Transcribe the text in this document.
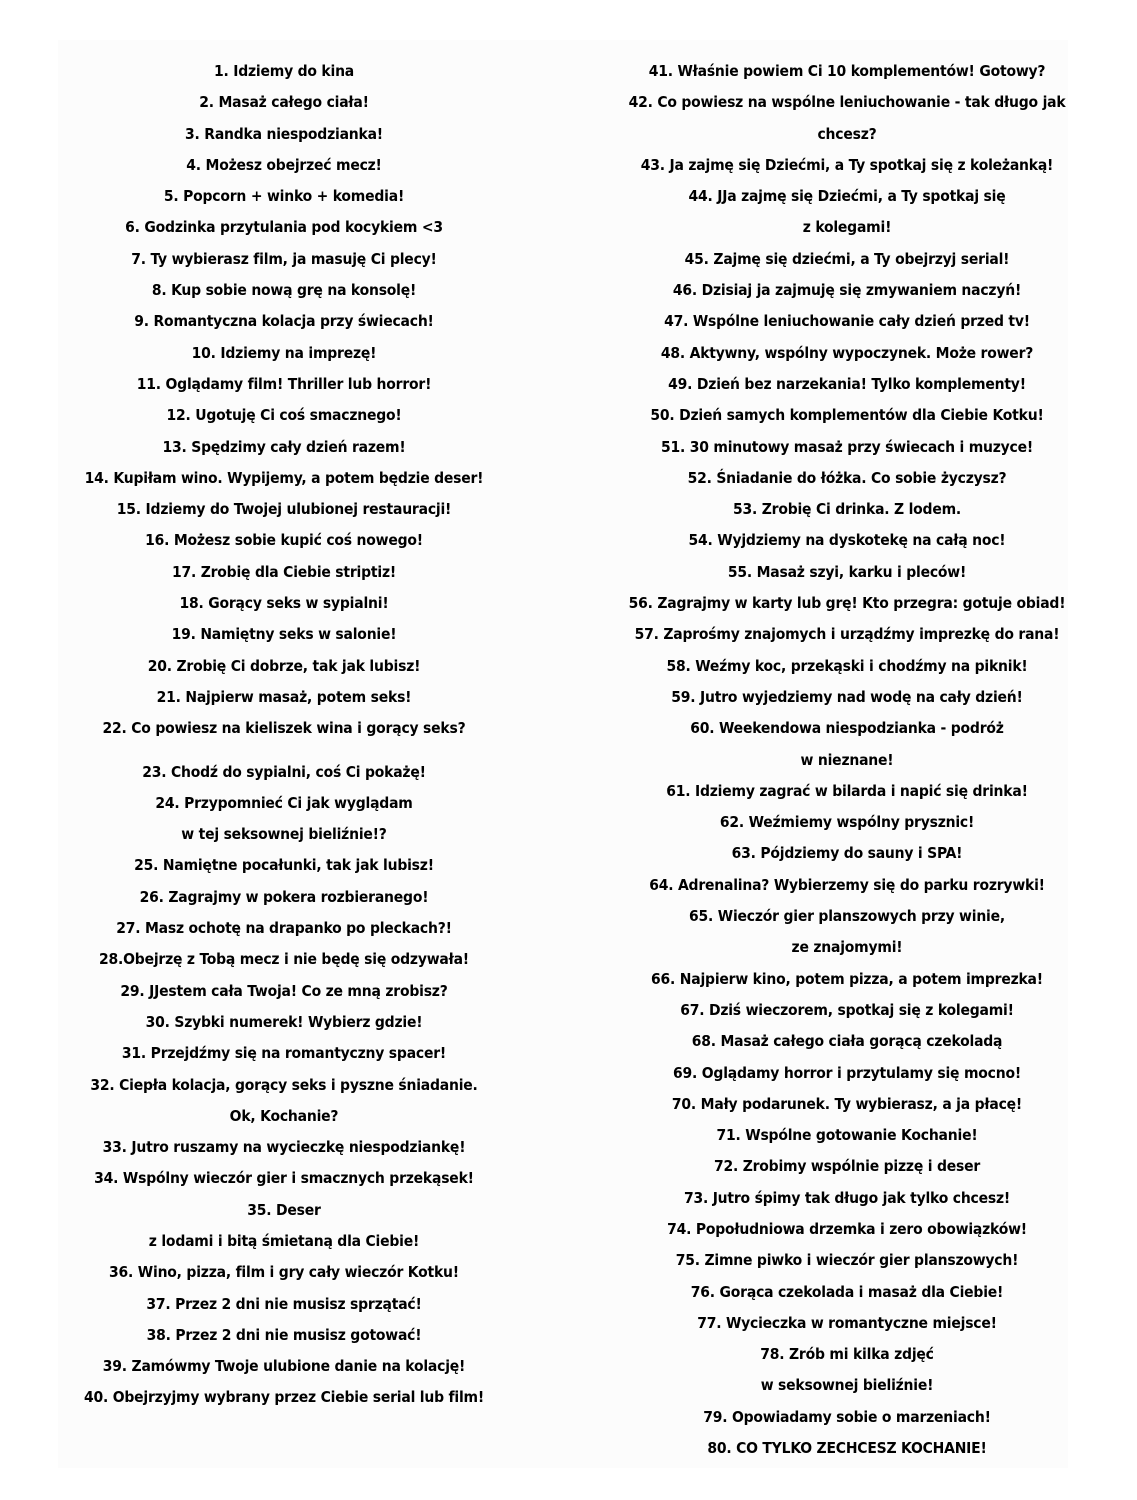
1. Idziemy do kina
2. Masaż całego ciała!
3. Randka niespodzianka!
4. Możesz obejrzeć mecz!
5. Popcorn + winko + komedia!
6. Godzinka przytulania pod kocykiem <3
7. Ty wybierasz film, ja masuję Ci plecy!
8. Kup sobie nową grę na konsolę!
9. Romantyczna kolacja przy świecach!
10. Idziemy na imprezę!
11. Oglądamy film! Thriller lub horror!
12. Ugotuję Ci coś smacznego!
13. Spędzimy cały dzień razem!
14. Kupiłam wino. Wypijemy, a potem będzie deser!
15. Idziemy do Twojej ulubionej restauracji!
16. Możesz sobie kupić coś nowego!
17. Zrobię dla Ciebie striptiz!
18. Gorący seks w sypialni!
19. Namiętny seks w salonie!
20. Zrobię Ci dobrze, tak jak lubisz!
21. Najpierw masaż, potem seks!
22. Co powiesz na kieliszek wina i gorący seks?
23. Chodź do sypialni, coś Ci pokażę!
24. Przypomnieć Ci jak wyglądam
w tej seksownej bieliźnie!?
25. Namiętne pocałunki, tak jak lubisz!
26. Zagrajmy w pokera rozbieranego!
27. Masz ochotę na drapanko po pleckach?!
28.Obejrzę z Tobą mecz i nie będę się odzywała!
29. JJestem cała Twoja! Co ze mną zrobisz?
30. Szybki numerek! Wybierz gdzie!
31. Przejdźmy się na romantyczny spacer!
32. Ciepła kolacja, gorący seks i pyszne śniadanie.
Ok, Kochanie?
33. Jutro ruszamy na wycieczkę niespodziankę!
34. Wspólny wieczór gier i smacznych przekąsek!
35. Deser
z lodami i bitą śmietaną dla Ciebie!
36. Wino, pizza, film i gry cały wieczór Kotku!
37. Przez 2 dni nie musisz sprzątać!
38. Przez 2 dni nie musisz gotować!
39. Zamówmy Twoje ulubione danie na kolację!
40. Obejrzyjmy wybrany przez Ciebie serial lub film!
41. Właśnie powiem Ci 10 komplementów! Gotowy?
42. Co powiesz na wspólne leniuchowanie - tak długo jak
chcesz?
43. Ja zajmę się Dziećmi, a Ty spotkaj się z koleżanką!
44. JJa zajmę się Dziećmi, a Ty spotkaj się
z kolegami!
45. Zajmę się dziećmi, a Ty obejrzyj serial!
46. Dzisiaj ja zajmuję się zmywaniem naczyń!
47. Wspólne leniuchowanie cały dzień przed tv!
48. Aktywny, wspólny wypoczynek. Może rower?
49. Dzień bez narzekania! Tylko komplementy!
50. Dzień samych komplementów dla Ciebie Kotku!
51. 30 minutowy masaż przy świecach i muzyce!
52. Śniadanie do łóżka. Co sobie życzysz?
53. Zrobię Ci drinka. Z lodem.
54. Wyjdziemy na dyskotekę na całą noc!
55. Masaż szyi, karku i pleców!
56. Zagrajmy w karty lub grę! Kto przegra: gotuje obiad!
57. Zaprośmy znajomych i urządźmy imprezkę do rana!
58. Weźmy koc, przekąski i chodźmy na piknik!
59. Jutro wyjedziemy nad wodę na cały dzień!
60. Weekendowa niespodzianka - podróż
w nieznane!
61. Idziemy zagrać w bilarda i napić się drinka!
62. Weźmiemy wspólny prysznic!
63. Pójdziemy do sauny i SPA!
64. Adrenalina? Wybierzemy się do parku rozrywki!
65. Wieczór gier planszowych przy winie,
ze znajomymi!
66. Najpierw kino, potem pizza, a potem imprezka!
67. Dziś wieczorem, spotkaj się z kolegami!
68. Masaż całego ciała gorącą czekoladą
69. Oglądamy horror i przytulamy się mocno!
70. Mały podarunek. Ty wybierasz, a ja płacę!
71. Wspólne gotowanie Kochanie!
72. Zrobimy wspólnie pizzę i deser
73. Jutro śpimy tak długo jak tylko chcesz!
74. Popołudniowa drzemka i zero obowiązków!
75. Zimne piwko i wieczór gier planszowych!
76. Gorąca czekolada i masaż dla Ciebie!
77. Wycieczka w romantyczne miejsce!
78. Zrób mi kilka zdjęć
w seksownej bieliźnie!
79. Opowiadamy sobie o marzeniach!
80. CO TYLKO ZECHCESZ KOCHANIE!
